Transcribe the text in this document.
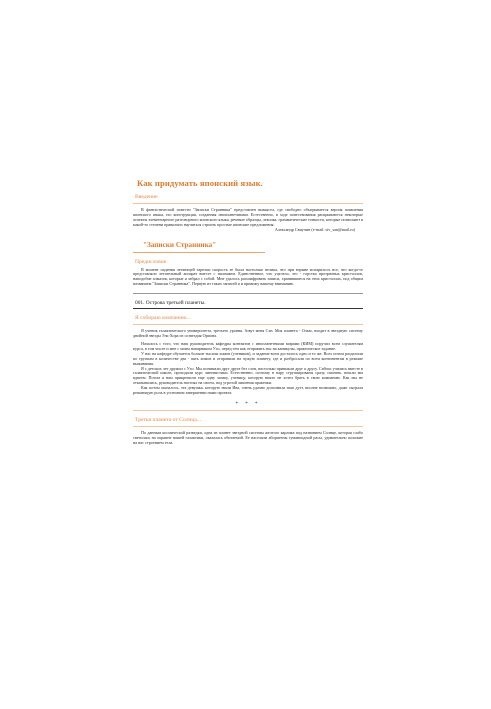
Как придумать японский язык.
Введение

В фантастической повести "Записки Странника" представлен вымысел, где свободно обыгрывается версия появления японского языка, его конструкция, созданная инопланетянами. Естественно, в ходе повествования раскрываются некоторые аспекты элементарного разговорного японского языка, речевые образцы, лексика, грамматические тонкости, которые позволяют в какой-то степени правильно научиться строить простые японские предложения.

Александр Свиучин (e-mail: siv_san@mail.ru)

"Записки Странника"
Предисловие.

В момент падения летающей тарелки скорость ее была настолько велика, что при взрыве испарилось все, что когда-то представляло летательный аппарат вместе с экипажем. Единственное, что уцелело, это - горстка прозрачных кристаллов, наподобие алмазов, которые я забрал с собой. Мне удалось расшифровать записи, хранившиеся на этих кристаллах, под общим названием "Записки Странника". Первую из таких записей я и привожу вашему вниманию.

001. Острова третьей планеты.
Я собираю компанию...

Я ученик галактического университета, третьего уровня. Зовут меня Сэн. Моя планета - Олью, входит в звездную систему двойной звезды Эль-Хора из созвездия Ориона.

Началось с того, что наш руководитель кафедры контактов с инопланетными мирами (КИМ) поручил всем слушателям курса, в том числе и мне с моим напарником Уэо, перед тем как отправить нас на каникулы, практическое задание.

У нас на кафедре обучается больше тысячи химов (учеников), и задание всем досталось одно и то же. Всех потом разделили по группам в количестве два - пять химов и отправили на чужую планету, где и разбросали по всем континентам в режиме выживания.

Я с детских лет дружил с Уэо. Мы понимали друг друга без слов, настолько привыкли друг к другу. Сейчас учились вместе в галактической школе, проходили курс лингвистики. Естественно, поэтому в пару сгруппированы сразу, спинать, вошли мы вдвоем. Потом я нам прикрепили еще одну химку, ученицу, которую никто не хотел брать в свою компанию. Как мы не отказывались, руководитель настоял на своем, под угрозой лишения практики.

Как потом оказалось, эта девушка, которую звали Ива, очень удачно дополнила наш дуэт, вполне возможно, даже сыграла решающую роль в успешном завершении нами проекта.

* * *
Третья планета от Солнца...

По данным космической разведки, одна из планет звездной системы желтого карлика под названием Солнце, которая слабо светилась на окраине нашей галактики, оказалась обитаемой. Ее населяли аборигены гуманоидной расы, удивительно похожие на нас строением тела.
